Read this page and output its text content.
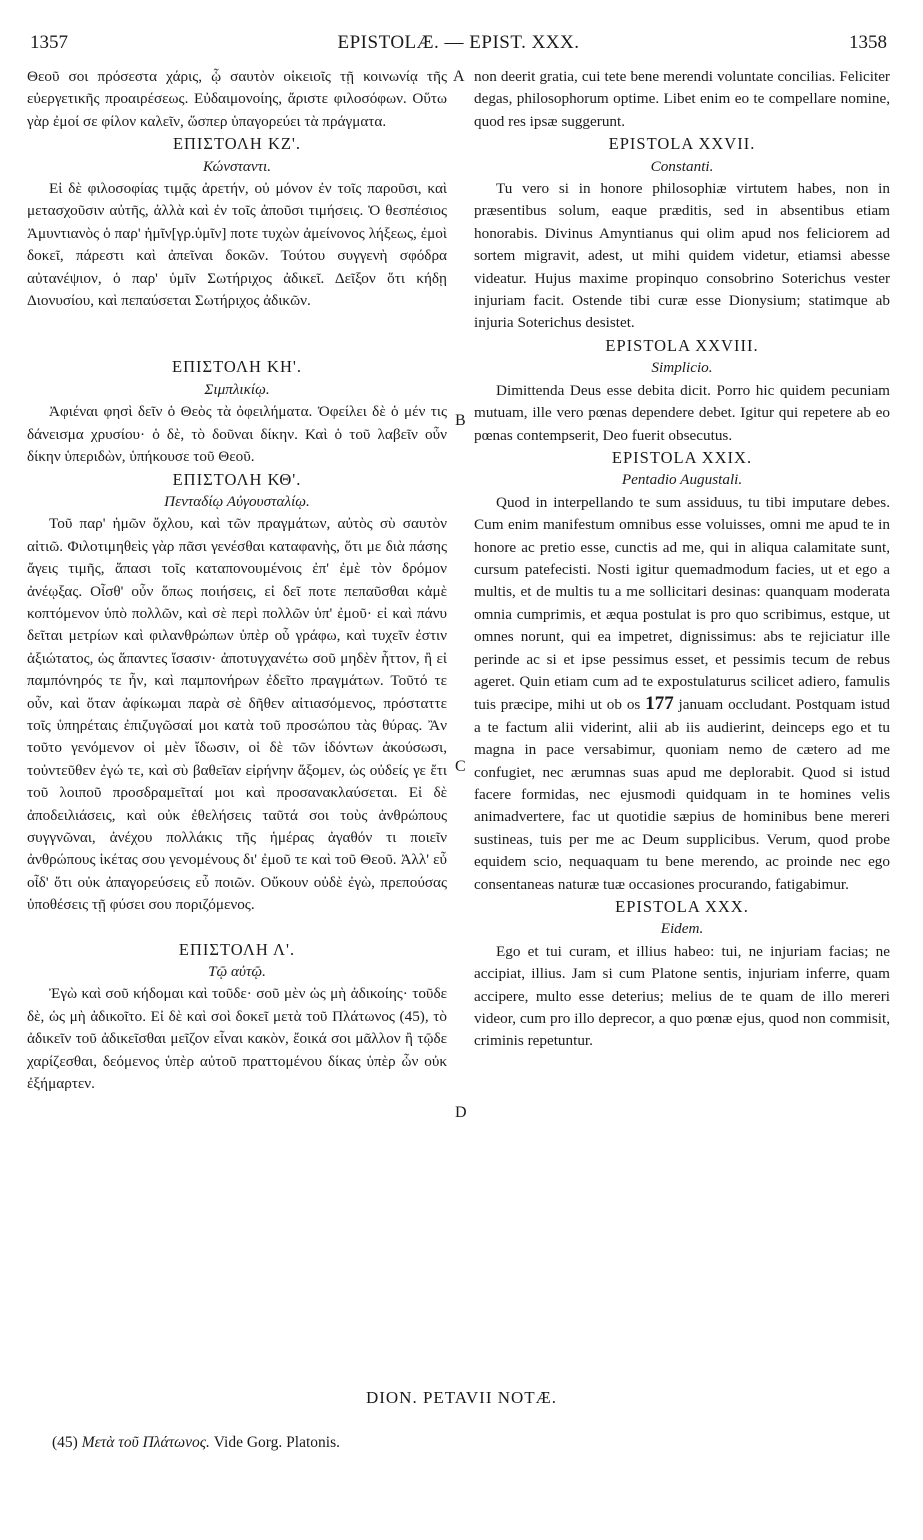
1357	EPISTOLÆ. — EPIST. XXX.	1358
A
B
C
D

Θεοῦ σοι πρόσεστα χάρις, ᾧ σαυτὸν οἰκειοῖς τῇ κοινωνίᾳ τῆς εὐεργετικῆς προαιρέσεως. Εὐδαιμονοίης, ἄριστε φιλοσόφων. Οὕτω γὰρ ἐμοί σε φίλον καλεῖν, ὥσπερ ὑπαγορεύει τὰ πράγματα.

ΕΠΙΣΤΟΛΗ ΚΖ'.

Κώνσταντι.

Εἰ δὲ φιλοσοφίας τιμᾷς ἀρετήν, οὐ μόνον ἐν τοῖς παροῦσι, καὶ μετασχοῦσιν αὐτῆς, ἀλλὰ καὶ ἐν τοῖς ἀποῦσι τιμήσεις. Ὁ θεσπέσιος Ἀμυντιανὸς ὁ παρ' ἡμῖν[γρ.ὑμῖν] ποτε τυχὼν ἀμείνονος λήξεως, ἐμοὶ δοκεῖ, πάρεστι καὶ ἀπεῖναι δοκῶν. Τούτου συγγενὴ σφόδρα αὐτανέψιον, ὁ παρ' ὑμῖν Σωτήριχος ἀδικεῖ. Δεῖξον ὅτι κήδῃ Διονυσίου, καὶ πεπαύσεται Σωτήριχος ἀδικῶν.

ΕΠΙΣΤΟΛΗ ΚΗ'.

Σιμπλικίῳ.

Ἀφιέναι φησὶ δεῖν ὁ Θεὸς τὰ ὀφειλήματα. Ὀφείλει δὲ ὁ μέν τις δάνεισμα χρυσίου· ὁ δὲ, τὸ δοῦναι δίκην. Καὶ ὁ τοῦ λαβεῖν οὖν δίκην ὑπεριδὼν, ὑπήκουσε τοῦ Θεοῦ.

ΕΠΙΣΤΟΛΗ ΚΘ'.

Πενταδίῳ Αὐγουσταλίῳ.

Τοῦ παρ' ἡμῶν ὄχλου, καὶ τῶν πραγμάτων, αὐτὸς σὺ σαυτὸν αἰτιῶ. Φιλοτιμηθεὶς γὰρ πᾶσι γενέσθαι καταφανὴς, ὅτι με διὰ πάσης ἄγεις τιμῆς, ἅπασι τοῖς καταπονουμένοις ἐπ' ἐμὲ τὸν δρόμον ἀνέῳξας. Οἶσθ' οὖν ὅπως ποιήσεις, εἰ δεῖ ποτε πεπαῦσθαι κἀμὲ κοπτόμενον ὑπὸ πολλῶν, καὶ σὲ περὶ πολλῶν ὑπ' ἐμοῦ· εἰ καὶ πάνυ δεῖται μετρίων καὶ φιλανθρώπων ὑπὲρ οὗ γράφω, καὶ τυχεῖν ἐστιν ἀξιώτατος, ὡς ἅπαντες ἴσασιν· ἀποτυγχανέτω σοῦ μηδὲν ἧττον, ἢ εἰ παμπόνηρός τε ἦν, καὶ παμπονήρων ἐδεῖτο πραγμάτων. Τοῦτό τε οὖν, καὶ ὅταν ἀφίκωμαι παρὰ σὲ δῆθεν αἰτιασόμενος, πρόσταττε τοῖς ὑπηρέταις ἐπιζυγῶσαί μοι κατὰ τοῦ προσώπου τὰς θύρας. Ἂν τοῦτο γενόμενον οἱ μὲν ἴδωσιν, οἱ δὲ τῶν ἰδόντων ἀκούσωσι, τοὐντεῦθεν ἐγώ τε, καὶ σὺ βαθεῖαν εἰρήνην ἄξομεν, ὡς οὐδείς γε ἔτι τοῦ λοιποῦ προσδραμεῖταί μοι καὶ προσανακλαύσεται. Εἰ δὲ ἀποδειλιάσεις, καὶ οὐκ ἐθελήσεις ταῦτά σοι τοὺς ἀνθρώπους συγγνῶναι, ἀνέχου πολλάκις τῆς ἡμέρας ἀγαθόν τι ποιεῖν ἀνθρώπους ἱκέτας σου γενομένους δι' ἐμοῦ τε καὶ τοῦ Θεοῦ. Ἀλλ' εὖ οἶδ' ὅτι οὐκ ἀπαγορεύσεις εὖ ποιῶν. Οὔκουν οὐδὲ ἐγὼ, πρεπούσας ὑποθέσεις τῇ φύσει σου ποριζόμενος.

ΕΠΙΣΤΟΛΗ Λ'.

Τῷ αὐτῷ.

Ἐγὼ καὶ σοῦ κήδομαι καὶ τοῦδε· σοῦ μὲν ὡς μὴ ἀδικοίης· τοῦδε δὲ, ὡς μὴ ἀδικοῖτο. Εἰ δὲ καὶ σοὶ δοκεῖ μετὰ τοῦ Πλάτωνος (45), τὸ ἀδικεῖν τοῦ ἀδικεῖσθαι μεῖζον εἶναι κακὸν, ἔοικά σοι μᾶλλον ἢ τῷδε χαρίζεσθαι, δεόμενος ὑπὲρ αὐτοῦ πραττομένου δίκας ὑπὲρ ὧν οὐκ ἐξήμαρτεν.

non deerit gratia, cui tete bene merendi voluntate concilias. Feliciter degas, philosophorum optime. Libet enim eo te compellare nomine, quod res ipsæ suggerunt.

EPISTOLA XXVII.

Constanti.

Tu vero si in honore philosophiæ virtutem habes, non in præsentibus solum, eaque præditis, sed in absentibus etiam honorabis. Divinus Amyntianus qui olim apud nos feliciorem ad sortem migravit, adest, ut mihi quidem videtur, etiamsi abesse videatur. Hujus maxime propinquo consobrino Soterichus vester injuriam facit. Ostende tibi curæ esse Dionysium; statimque ab injuria Soterichus desistet.

EPISTOLA XXVIII.

Simplicio.

Dimittenda Deus esse debita dicit. Porro hic quidem pecuniam mutuam, ille vero pœnas dependere debet. Igitur qui repetere ab eo pœnas contempserit, Deo fuerit obsecutus.

EPISTOLA XXIX.

Pentadio Augustali.

Quod in interpellando te sum assiduus, tu tibi imputare debes. Cum enim manifestum omnibus esse voluisses, omni me apud te in honore ac pretio esse, cunctis ad me, qui in aliqua calamitate sunt, cursum patefecisti. Nosti igitur quemadmodum facies, ut et ego a multis, et de multis tu a me sollicitari desinas: quanquam moderata omnia cumprimis, et æqua postulat is pro quo scribimus, estque, ut omnes norunt, qui ea impetret, dignissimus: abs te rejiciatur ille perinde ac si et ipse pessimus esset, et pessimis tecum de rebus ageret. Quin etiam cum ad te expostulaturus scilicet adiero, famulis tuis præcipe, mihi ut ob os 177 januam occludant. Postquam istud a te factum alii viderint, alii ab iis audierint, deinceps ego et tu magna in pace versabimur, quoniam nemo de cætero ad me confugiet, nec ærumnas suas apud me deplorabit. Quod si istud facere formidas, nec ejusmodi quidquam in te homines velis animadvertere, fac ut quotidie sæpius de hominibus bene mereri sustineas, tuis per me ac Deum supplicibus. Verum, quod probe equidem scio, nequaquam tu bene merendo, ac proinde nec ego consentaneas naturæ tuæ occasiones procurando, fatigabimur.

EPISTOLA XXX.

Eidem.

Ego et tui curam, et illius habeo: tui, ne injuriam facias; ne accipiat, illius. Jam si cum Platone sentis, injuriam inferre, quam accipere, multo esse deterius; melius de te quam de illo mereri videor, cum pro illo deprecor, a quo pœnæ ejus, quod non commisit, criminis repetuntur.

DION. PETAVII NOTÆ.
(45) Μετὰ τοῦ Πλάτωνος. Vide Gorg. Platonis.
